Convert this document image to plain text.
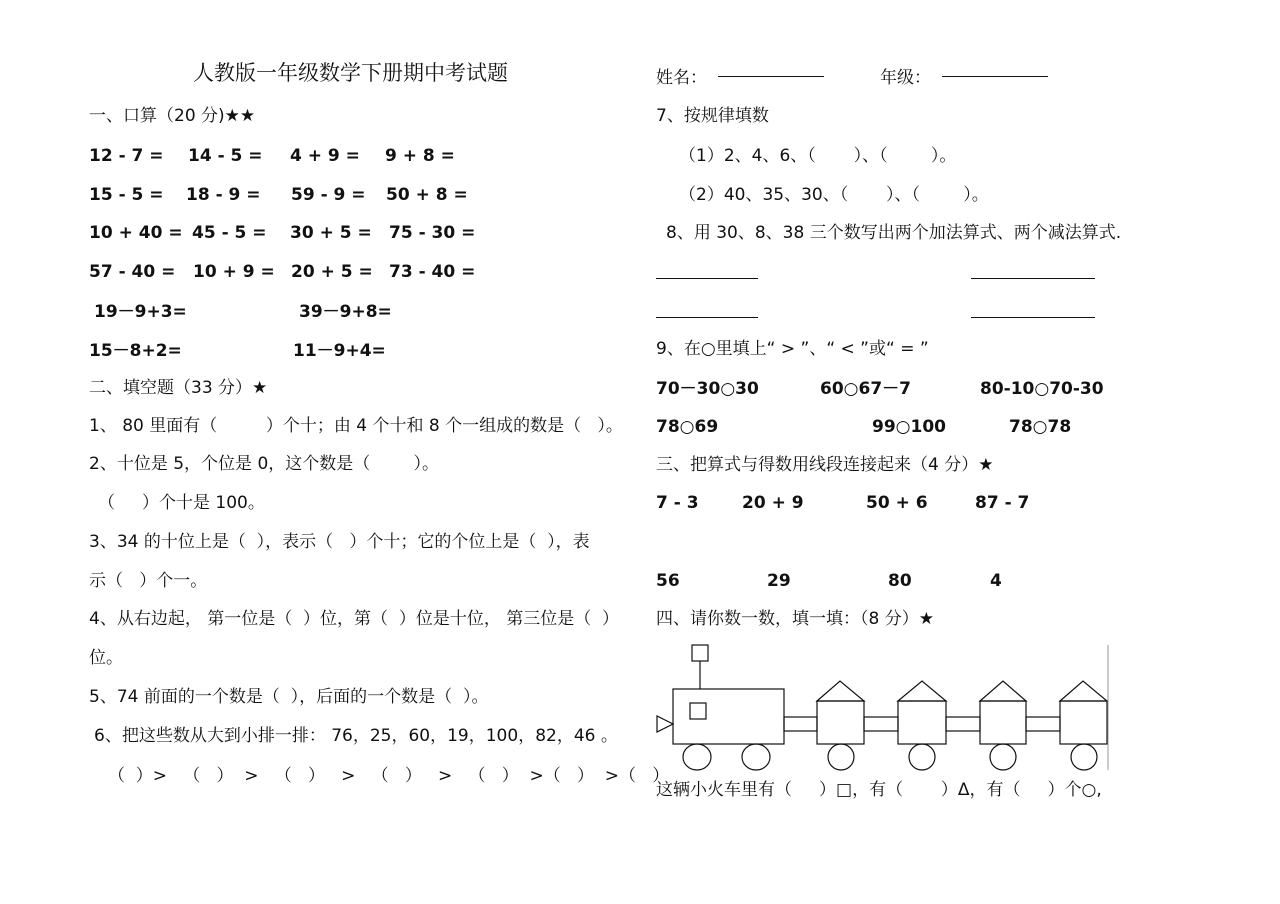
人教版一年级数学下册期中考试题	姓名：	年级：
一、口算（20 分)★★
12 - 7 = 14 - 5 = 4 + 9 = 9 + 8 =
15 - 5 = 18 - 9 = 59 - 9 = 50 + 8 =
10 + 40 = 45 - 5 = 30 + 5 = 75 - 30 =
57 - 40 = 10 + 9 = 20 + 5 = 73 - 40 =
19－9+3=	39－9+8=
15－8+2=	11－9+4=
二、填空题（33 分）★
1、 80 里面有（         ）个十；由 4 个十和 8 个一组成的数是（   ）。
2、十位是 5，个位是 0，这个数是（        ）。
（     ）个十是 100。
3、34 的十位上是（  ），表示（   ）个十；它的个位上是（  ），表
示（   ）个一。
4、从右边起， 第一位是（  ）位，第（  ）位是十位， 第三位是（  ）
位。
5、74 前面的一个数是（  ），后面的一个数是（  ）。
6、把这些数从大到小排一排： 76，25，60，19，100，82，46 。
（  ）>   （   ）  >   （   ）   >   （   ）   >   （   ）  >（   ）  >（   ）
7、按规律填数
（1）2、4、6、（       ）、（        ）。
（2）40、35、30、（       ）、（        ）。
8、用 30、8、38 三个数写出两个加法算式、两个减法算式.
9、在○里填上“ > ”、“ < ”或“ = ”
70－30○30	60○67－7	80-10○70-30
78○69	99○100	78○78
三、把算式与得数用线段连接起来（4 分）★
7 - 3	20 + 9	50 + 6	87 - 7
56	29	80	4
四、请你数一数，填一填：（8 分）★
这辆小火车里有（     ）□，有（       ）Δ，有（     ）个○,
